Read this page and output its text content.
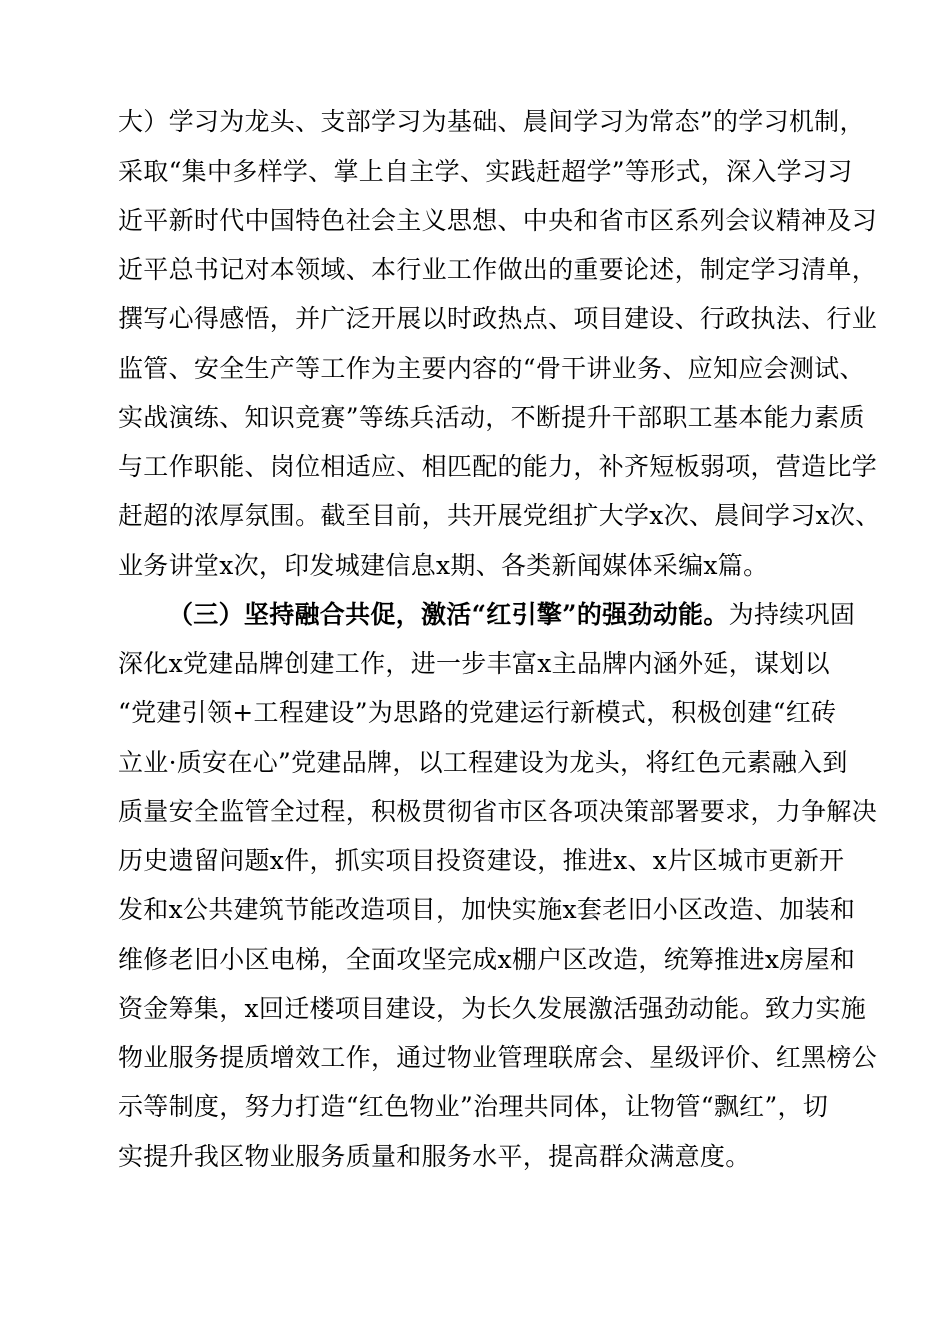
大）学习为龙头、支部学习为基础、晨间学习为常态”的学习机制，
采取“集中多样学、掌上自主学、实践赶超学”等形式，深入学习习
近平新时代中国特色社会主义思想、中央和省市区系列会议精神及习
近平总书记对本领域、本行业工作做出的重要论述，制定学习清单，
撰写心得感悟，并广泛开展以时政热点、项目建设、行政执法、行业
监管、安全生产等工作为主要内容的“骨干讲业务、应知应会测试、
实战演练、知识竞赛”等练兵活动，不断提升干部职工基本能力素质
与工作职能、岗位相适应、相匹配的能力，补齐短板弱项，营造比学
赶超的浓厚氛围。截至目前，共开展党组扩大学x次、晨间学习x次、
业务讲堂x次，印发城建信息x期、各类新闻媒体采编x篇。
（三）坚持融合共促，激活“红引擎”的强劲动能。为持续巩固
深化x党建品牌创建工作，进一步丰富x主品牌内涵外延，谋划以
“党建引领+工程建设”为思路的党建运行新模式，积极创建“红砖
立业·质安在心”党建品牌，以工程建设为龙头，将红色元素融入到
质量安全监管全过程，积极贯彻省市区各项决策部署要求，力争解决
历史遗留问题x件，抓实项目投资建设，推进x、x片区城市更新开
发和x公共建筑节能改造项目，加快实施x套老旧小区改造、加装和
维修老旧小区电梯，全面攻坚完成x棚户区改造，统筹推进x房屋和
资金筹集，x回迁楼项目建设，为长久发展激活强劲动能。致力实施
物业服务提质增效工作，通过物业管理联席会、星级评价、红黑榜公
示等制度，努力打造“红色物业”治理共同体，让物管“飘红”，切
实提升我区物业服务质量和服务水平，提高群众满意度。
